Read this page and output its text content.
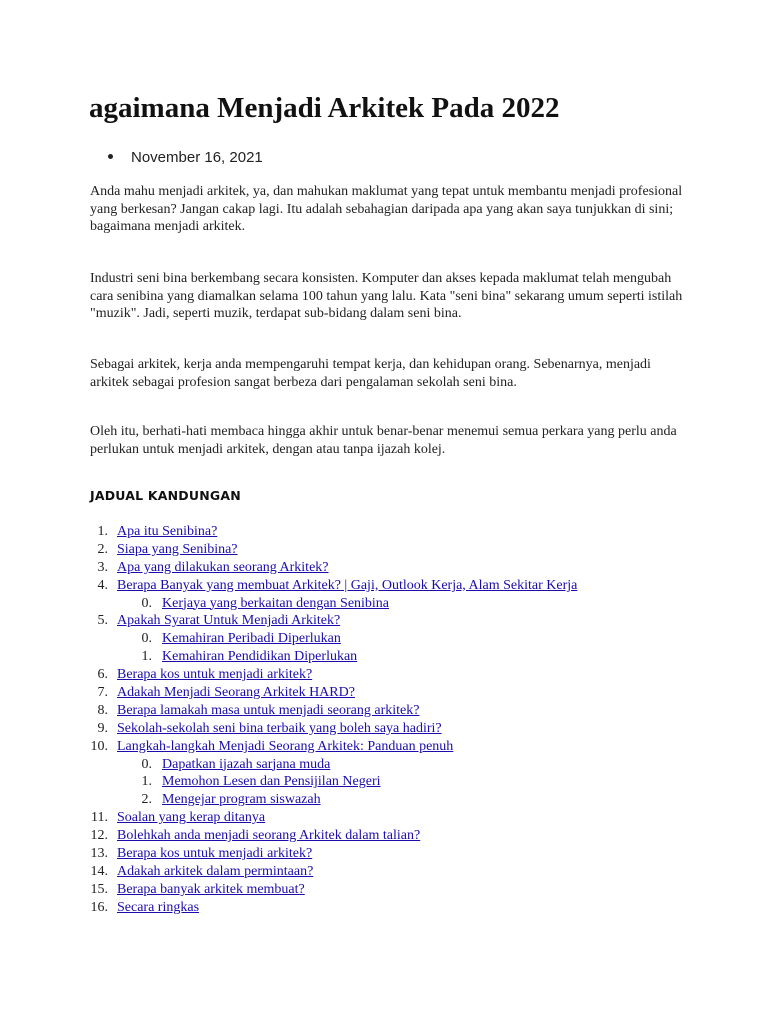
agaimana Menjadi Arkitek Pada 2022
November 16, 2021

Anda mahu menjadi arkitek, ya, dan mahukan maklumat yang tepat untuk membantu menjadi profesional yang berkesan? Jangan cakap lagi. Itu adalah sebahagian daripada apa yang akan saya tunjukkan di sini; bagaimana menjadi arkitek.

Industri seni bina berkembang secara konsisten. Komputer dan akses kepada maklumat telah mengubah cara senibina yang diamalkan selama 100 tahun yang lalu. Kata "seni bina" sekarang umum seperti istilah "muzik". Jadi, seperti muzik, terdapat sub-bidang dalam seni bina.

Sebagai arkitek, kerja anda mempengaruhi tempat kerja, dan kehidupan orang. Sebenarnya, menjadi arkitek sebagai profesion sangat berbeza dari pengalaman sekolah seni bina.

Oleh itu, berhati-hati membaca hingga akhir untuk benar-benar menemui semua perkara yang perlu anda perlukan untuk menjadi arkitek, dengan atau tanpa ijazah kolej.

JADUAL KANDUNGAN
1. Apa itu Senibina?
2. Siapa yang Senibina?
3. Apa yang dilakukan seorang Arkitek?
4. Berapa Banyak yang membuat Arkitek? | Gaji, Outlook Kerja, Alam Sekitar Kerja
0. Kerjaya yang berkaitan dengan Senibina
5. Apakah Syarat Untuk Menjadi Arkitek?
0. Kemahiran Peribadi Diperlukan
1. Kemahiran Pendidikan Diperlukan
6. Berapa kos untuk menjadi arkitek?
7. Adakah Menjadi Seorang Arkitek HARD?
8. Berapa lamakah masa untuk menjadi seorang arkitek?
9. Sekolah-sekolah seni bina terbaik yang boleh saya hadiri?
10. Langkah-langkah Menjadi Seorang Arkitek: Panduan penuh
0. Dapatkan ijazah sarjana muda
1. Memohon Lesen dan Pensijilan Negeri
2. Mengejar program siswazah
11. Soalan yang kerap ditanya
12. Bolehkah anda menjadi seorang Arkitek dalam talian?
13. Berapa kos untuk menjadi arkitek?
14. Adakah arkitek dalam permintaan?
15. Berapa banyak arkitek membuat?
16. Secara ringkas
